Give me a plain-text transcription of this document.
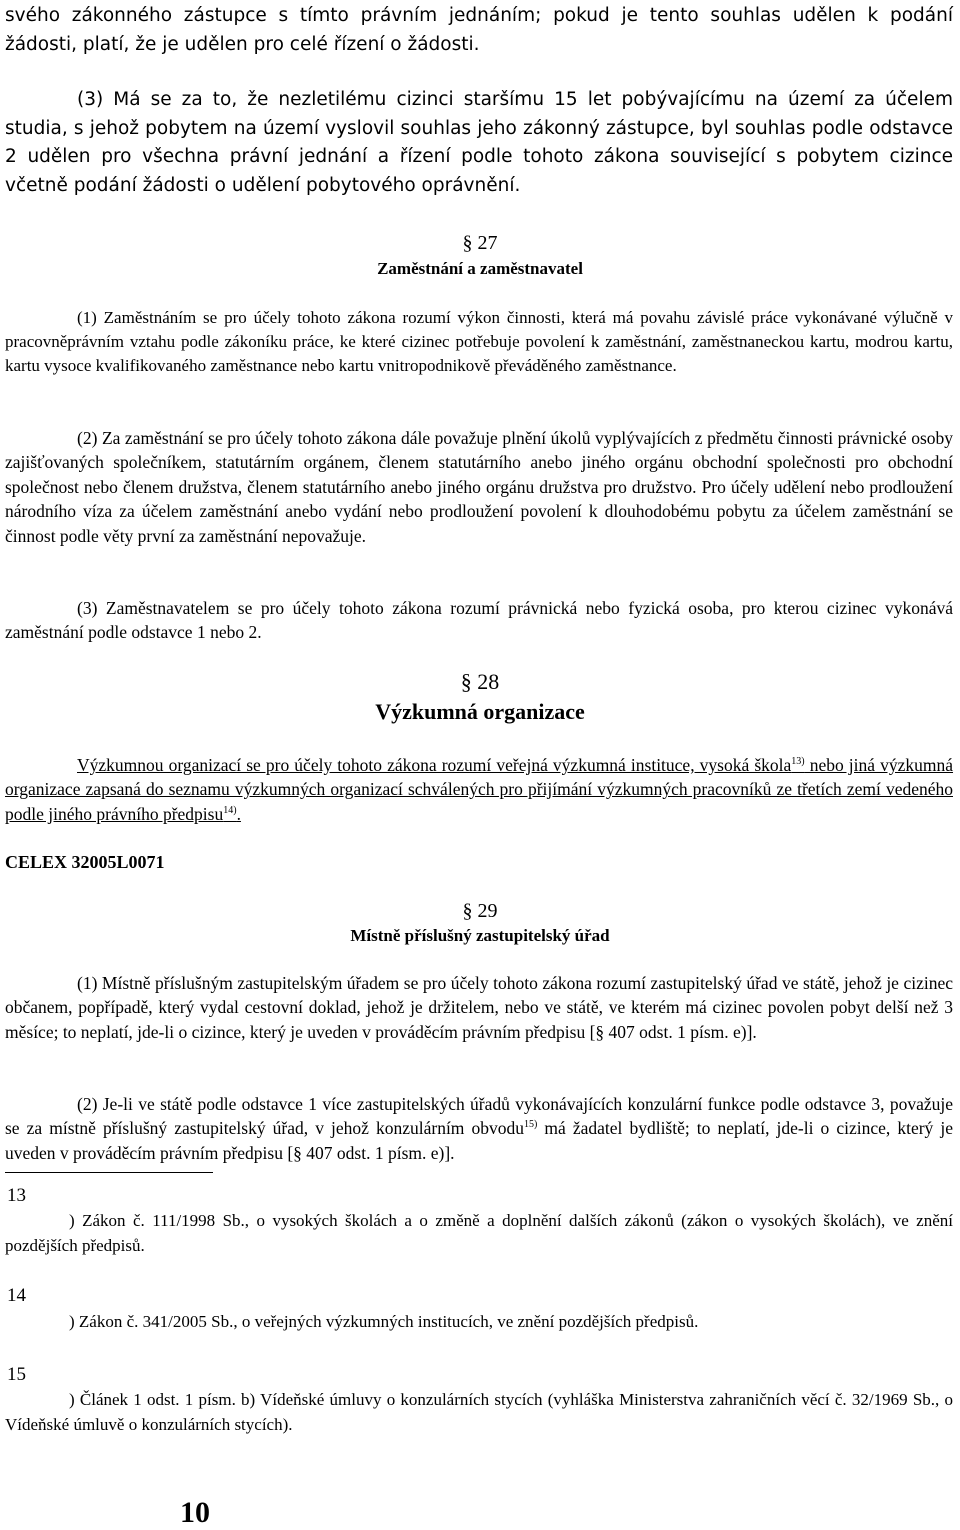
svého zákonného zástupce s tímto právním jednáním; pokud je tento souhlas udělen k podání žádosti, platí, že je udělen pro celé řízení o žádosti.

(3) Má se za to, že nezletilému cizinci staršímu 15 let pobývajícímu na území za účelem studia, s jehož pobytem na území vyslovil souhlas jeho zákonný zástupce, byl souhlas podle odstavce 2 udělen pro všechna právní jednání a řízení podle tohoto zákona související s pobytem cizince včetně podání žádosti o udělení pobytového oprávnění.

§ 27
Zaměstnání a zaměstnavatel

(1) Zaměstnáním se pro účely tohoto zákona rozumí výkon činnosti, která má povahu závislé práce vykonávané výlučně v pracovněprávním vztahu podle zákoníku práce, ke které cizinec potřebuje povolení k zaměstnání, zaměstnaneckou kartu, modrou kartu, kartu vysoce kvalifikovaného zaměstnance nebo kartu vnitropodnikově převáděného zaměstnance.

(2) Za zaměstnání se pro účely tohoto zákona dále považuje plnění úkolů vyplývajících z předmětu činnosti právnické osoby zajišťovaných společníkem, statutárním orgánem, členem statutárního anebo jiného orgánu obchodní společnosti pro obchodní společnost nebo členem družstva, členem statutárního anebo jiného orgánu družstva pro družstvo. Pro účely udělení nebo prodloužení národního víza za účelem zaměstnání anebo vydání nebo prodloužení povolení k dlouhodobému pobytu za účelem zaměstnání se činnost podle věty první za zaměstnání nepovažuje.

(3) Zaměstnavatelem se pro účely tohoto zákona rozumí právnická nebo fyzická osoba, pro kterou cizinec vykonává zaměstnání podle odstavce 1 nebo 2.

§ 28
Výzkumná organizace

Výzkumnou organizací se pro účely tohoto zákona rozumí veřejná výzkumná instituce, vysoká škola$^{13)}$ nebo jiná výzkumná organizace zapsaná do seznamu výzkumných organizací schválených pro přijímání výzkumných pracovníků ze třetích zemí vedeného podle jiného právního předpisu$^{14)}$.

CELEX 32005L0071
§ 29
Místně příslušný zastupitelský úřad

(1) Místně příslušným zastupitelským úřadem se pro účely tohoto zákona rozumí zastupitelský úřad ve státě, jehož je cizinec občanem, popřípadě, který vydal cestovní doklad, jehož je držitelem, nebo ve státě, ve kterém má cizinec povolen pobyt delší než 3 měsíce; to neplatí, jde-li o cizince, který je uveden v prováděcím právním předpisu [§ 407 odst. 1 písm. e)].

(2) Je-li ve státě podle odstavce 1 více zastupitelských úřadů vykonávajících konzulární funkce podle odstavce 3, považuje se za místně příslušný zastupitelský úřad, v jehož konzulárním obvodu$^{15)}$ má žadatel bydliště; to neplatí, jde-li o cizince, který je uveden v prováděcím právním předpisu [§ 407 odst. 1 písm. e)].

13

) Zákon č. 111/1998 Sb., o vysokých školách a o změně a doplnění dalších zákonů (zákon o vysokých školách), ve znění pozdějších předpisů.

14

) Zákon č. 341/2005 Sb., o veřejných výzkumných institucích, ve znění pozdějších předpisů.

15

) Článek 1 odst. 1 písm. b) Vídeňské úmluvy o konzulárních stycích (vyhláška Ministerstva zahraničních věcí č. 32/1969 Sb., o Vídeňské úmluvě o konzulárních stycích).

10
